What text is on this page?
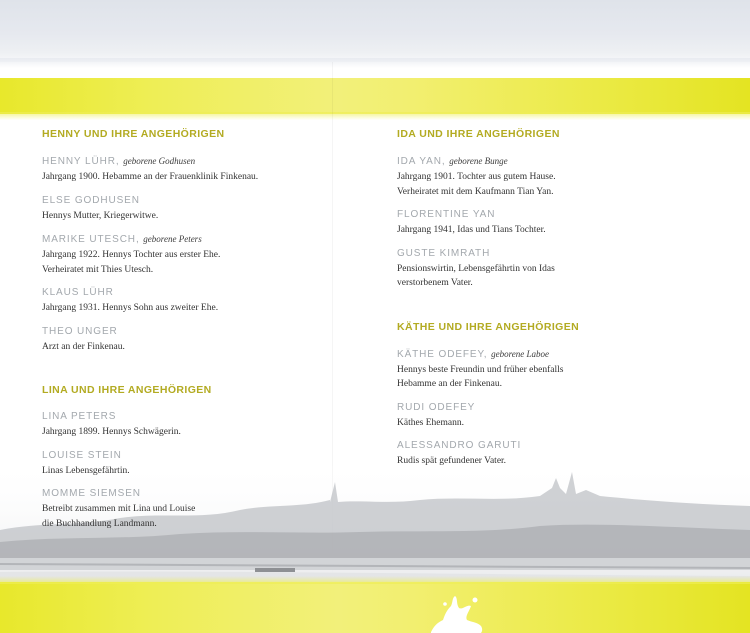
HENNY UND IHRE ANGEHÖRIGEN
HENNY LÜHR, geborene Godhusen
Jahrgang 1900. Hebamme an der Frauenklinik Finkenau.
ELSE GODHUSEN
Hennys Mutter, Kriegerwitwe.
MARIKE UTESCH, geborene Peters
Jahrgang 1922. Hennys Tochter aus erster Ehe.
Verheiratet mit Thies Utesch.
KLAUS LÜHR
Jahrgang 1931. Hennys Sohn aus zweiter Ehe.
THEO UNGER
Arzt an der Finkenau.
LINA UND IHRE ANGEHÖRIGEN
LINA PETERS
Jahrgang 1899. Hennys Schwägerin.
LOUISE STEIN
Linas Lebensgefährtin.
MOMME SIEMSEN
Betreibt zusammen mit Lina und Louise
die Buchhandlung Landmann.
IDA UND IHRE ANGEHÖRIGEN
IDA YAN, geborene Bunge
Jahrgang 1901. Tochter aus gutem Hause.
Verheiratet mit dem Kaufmann Tian Yan.
FLORENTINE YAN
Jahrgang 1941, Idas und Tians Tochter.
GUSTE KIMRATH
Pensionswirtin, Lebensgefährtin von Idas
verstorbenem Vater.
KÄTHE UND IHRE ANGEHÖRIGEN
KÄTHE ODEFEY, geborene Laboe
Hennys beste Freundin und früher ebenfalls
Hebamme an der Finkenau.
RUDI ODEFEY
Käthes Ehemann.
ALESSANDRO GARUTI
Rudis spät gefundener Vater.
